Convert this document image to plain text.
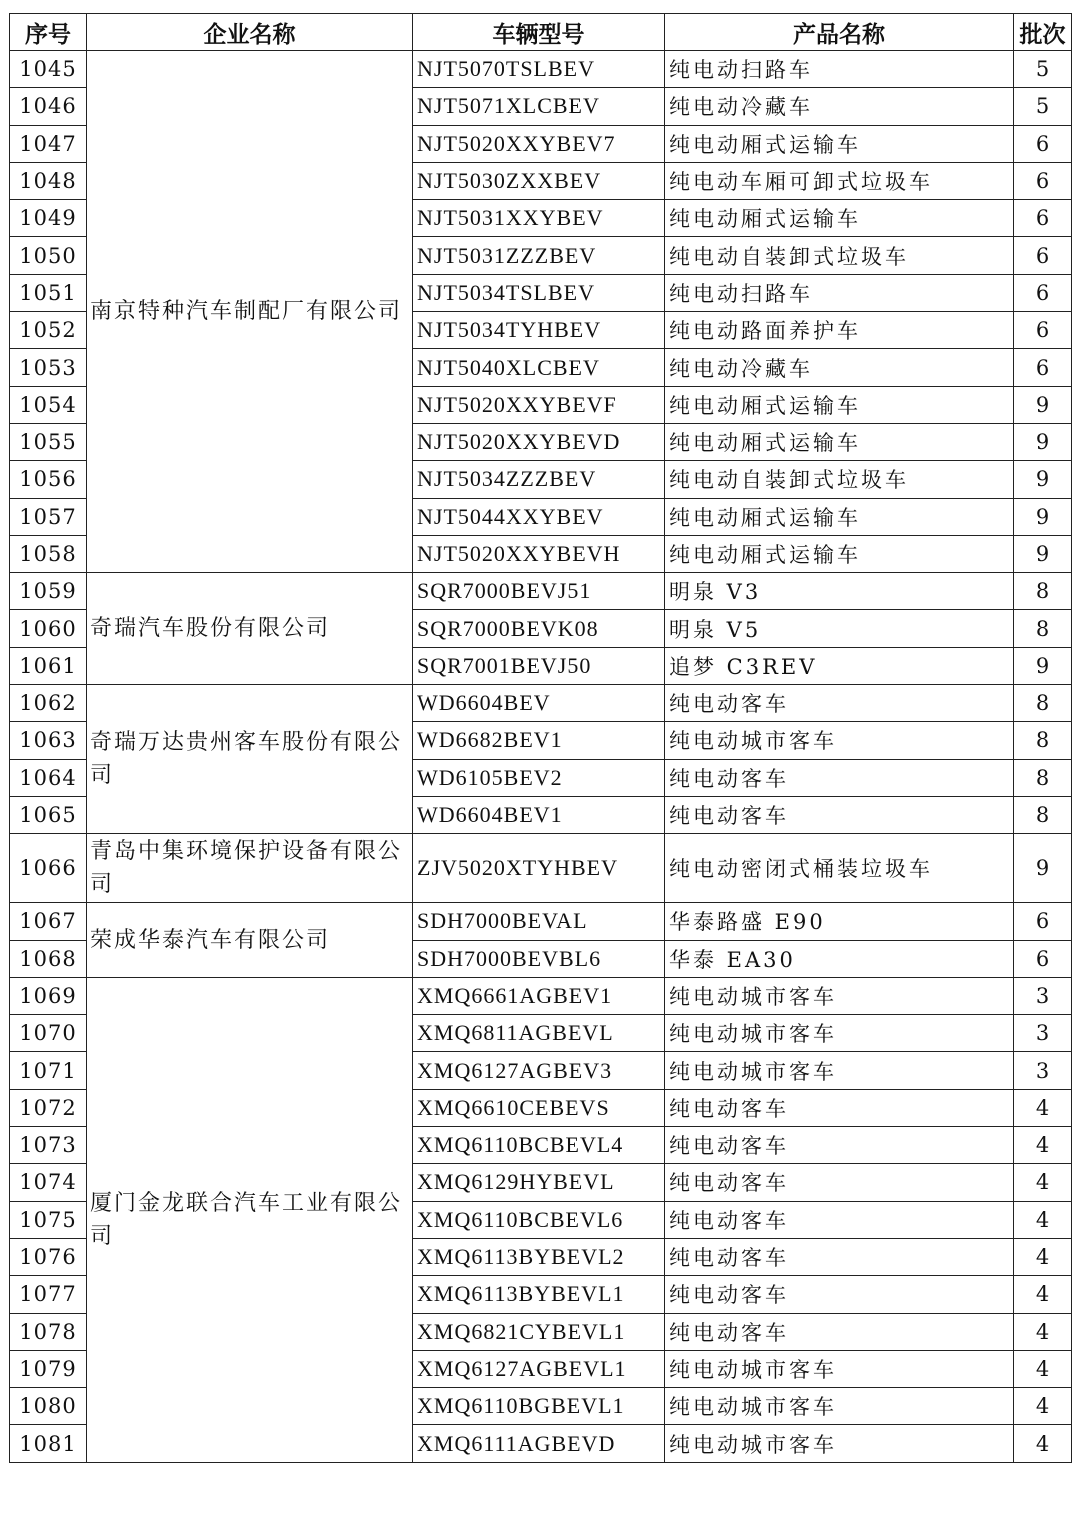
序号	企业名称	车辆型号	产品名称	批次
1045	南京特种汽车制配厂有限公司	NJT5070TSLBEV	纯电动扫路车	5
1046		NJT5071XLCBEV	纯电动冷藏车	5
1047		NJT5020XXYBEV7	纯电动厢式运输车	6
1048		NJT5030ZXXBEV	纯电动车厢可卸式垃圾车	6
1049		NJT5031XXYBEV	纯电动厢式运输车	6
1050		NJT5031ZZZBEV	纯电动自装卸式垃圾车	6
1051		NJT5034TSLBEV	纯电动扫路车	6
1052		NJT5034TYHBEV	纯电动路面养护车	6
1053		NJT5040XLCBEV	纯电动冷藏车	6
1054		NJT5020XXYBEVF	纯电动厢式运输车	9
1055		NJT5020XXYBEVD	纯电动厢式运输车	9
1056		NJT5034ZZZBEV	纯电动自装卸式垃圾车	9
1057		NJT5044XXYBEV	纯电动厢式运输车	9
1058		NJT5020XXYBEVH	纯电动厢式运输车	9
1059	奇瑞汽车股份有限公司	SQR7000BEVJ51	明泉 V3	8
1060		SQR7000BEVK08	明泉 V5	8
1061		SQR7001BEVJ50	追梦 C3REV	9
1062	奇瑞万达贵州客车股份有限公司	WD6604BEV	纯电动客车	8
1063		WD6682BEV1	纯电动城市客车	8
1064		WD6105BEV2	纯电动客车	8
1065		WD6604BEV1	纯电动客车	8
1066	青岛中集环境保护设备有限公司	ZJV5020XTYHBEV	纯电动密闭式桶装垃圾车	9
1067	荣成华泰汽车有限公司	SDH7000BEVAL	华泰路盛 E90	6
1068		SDH7000BEVBL6	华泰 EA30	6
1069	厦门金龙联合汽车工业有限公司	XMQ6661AGBEV1	纯电动城市客车	3
1070		XMQ6811AGBEVL	纯电动城市客车	3
1071		XMQ6127AGBEV3	纯电动城市客车	3
1072		XMQ6610CEBEVS	纯电动客车	4
1073		XMQ6110BCBEVL4	纯电动客车	4
1074		XMQ6129HYBEVL	纯电动客车	4
1075		XMQ6110BCBEVL6	纯电动客车	4
1076		XMQ6113BYBEVL2	纯电动客车	4
1077		XMQ6113BYBEVL1	纯电动客车	4
1078		XMQ6821CYBEVL1	纯电动客车	4
1079		XMQ6127AGBEVL1	纯电动城市客车	4
1080		XMQ6110BGBEVL1	纯电动城市客车	4
1081		XMQ6111AGBEVD	纯电动城市客车	4
